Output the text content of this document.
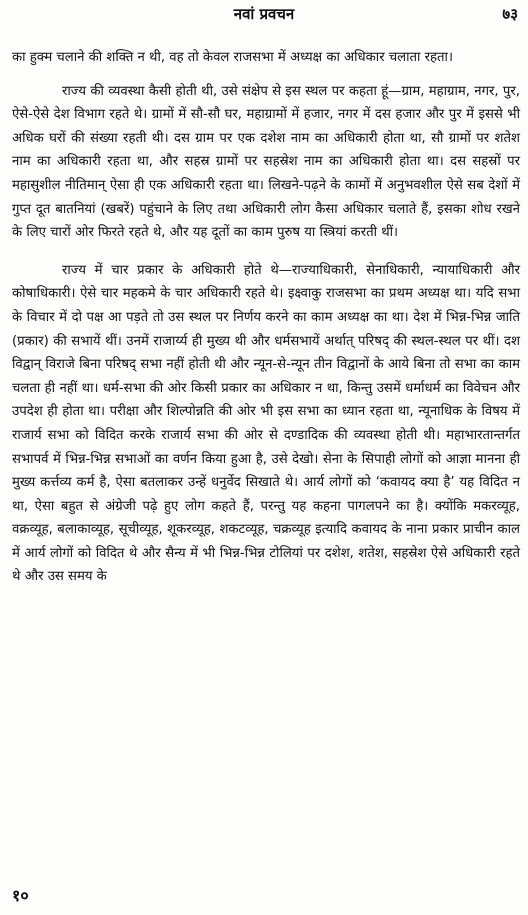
नवां प्रवचन	७३

का हुक्म चलाने की शक्ति न थी, वह तो केवल राजसभा में अध्यक्ष का अधिकार चलाता रहता।

राज्य की व्यवस्था कैसी होती थी, उसे संक्षेप से इस स्थल पर कहता हूं—ग्राम, महाग्राम, नगर, पुर, ऐसे-ऐसे देश विभाग रहते थे। ग्रामों में सौ-सौ घर, महाग्रामों में हजार, नगर में दस हजार और पुर में इससे भी अधिक घरों की संख्या रहती थी। दस ग्राम पर एक दशेश नाम का अधिकारी होता था, सौ ग्रामों पर शतेश नाम का अधिकारी रहता था, और सहस्र ग्रामों पर सहस्रेश नाम का अधिकारी होता था। दस सहस्रों पर महासुशील नीतिमान् ऐसा ही एक अधिकारी रहता था। लिखने-पढ़ने के कामों में अनुभवशील ऐसे सब देशों में गुप्त दूत बातनियां (खबरें) पहुंचाने के लिए तथा अधिकारी लोग कैसा अधिकार चलाते हैं, इसका शोध रखने के लिए चारों ओर फिरते रहते थे, और यह दूतों का काम पुरुष या स्त्रियां करती थीं।

राज्य में चार प्रकार के अधिकारी होते थे—राज्याधिकारी, सेनाधिकारी, न्यायाधिकारी और कोषाधिकारी। ऐसे चार महकमे के चार अधिकारी रहते थे। इक्ष्वाकु राजसभा का प्रथम अध्यक्ष था। यदि सभा के विचार में दो पक्ष आ पड़ते तो उस स्थल पर निर्णय करने का काम अध्यक्ष का था। देश में भिन्न-भिन्न जाति (प्रकार) की सभायें थीं। उनमें राजार्य्य ही मुख्य थी और धर्मसभायें अर्थात् परिषद् की स्थल-स्थल पर थीं। दश विद्वान् विराजे बिना परिषद् सभा नहीं होती थी और न्यून-से-न्यून तीन विद्वानों के आये बिना तो सभा का काम चलता ही नहीं था। धर्म-सभा की ओर किसी प्रकार का अधिकार न था, किन्तु उसमें धर्माधर्म का विवेचन और उपदेश ही होता था। परीक्षा और शिल्पोन्नति की ओर भी इस सभा का ध्यान रहता था, न्यूनाधिक के विषय में राजार्य सभा को विदित करके राजार्य सभा की ओर से दण्डादिक की व्यवस्था होती थी। महाभारतान्तर्गत सभापर्व में भिन्न-भिन्न सभाओं का वर्णन किया हुआ है, उसे देखो। सेना के सिपाही लोगों को आज्ञा मानना ही मुख्य कर्त्तव्य कर्म है, ऐसा बतलाकर उन्हें धनुर्वेद सिखाते थे। आर्य लोगों को ‘कवायद क्या है’ यह विदित न था, ऐसा बहुत से अंग्रेजी पढ़े हुए लोग कहते हैं, परन्तु यह कहना पागलपने का है। क्योंकि मकरव्यूह, वक्रव्यूह, बलाकाव्यूह, सूचीव्यूह, शूकरव्यूह, शकटव्यूह, चक्रव्यूह इत्यादि कवायद के नाना प्रकार प्राचीन काल में आर्य लोगों को विदित थे और सैन्य में भी भिन्न-भिन्न टोलियां पर दशेश, शतेश, सहस्रेश ऐसे अधिकारी रहते थे और उस समय के

१०
